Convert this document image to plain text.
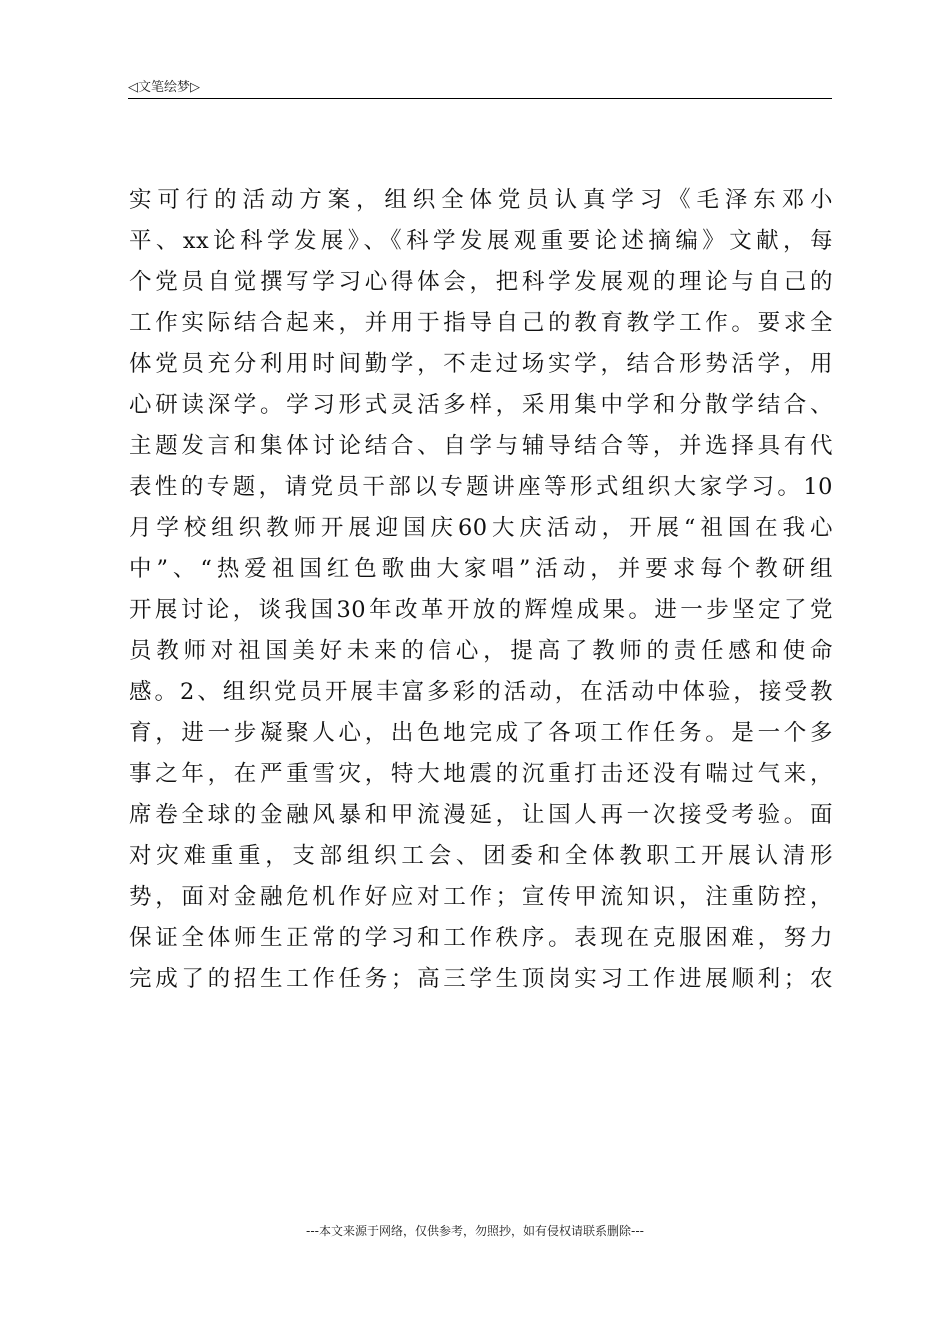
◁文笔绘梦▷
实可行的活动方案，组织全体党员认真学习《毛泽东邓小
平、xx论科学发展》、《科学发展观重要论述摘编》文献，每
个党员自觉撰写学习心得体会，把科学发展观的理论与自己的
工作实际结合起来，并用于指导自己的教育教学工作。要求全
体党员充分利用时间勤学，不走过场实学，结合形势活学，用
心研读深学。学习形式灵活多样，采用集中学和分散学结合、
主题发言和集体讨论结合、自学与辅导结合等，并选择具有代
表性的专题，请党员干部以专题讲座等形式组织大家学习。10
月学校组织教师开展迎国庆60大庆活动，开展“祖国在我心
中”、“热爱祖国红色歌曲大家唱”活动，并要求每个教研组
开展讨论，谈我国30年改革开放的辉煌成果。进一步坚定了党
员教师对祖国美好未来的信心，提高了教师的责任感和使命
感。2、组织党员开展丰富多彩的活动，在活动中体验，接受教
育，进一步凝聚人心，出色地完成了各项工作任务。是一个多
事之年，在严重雪灾，特大地震的沉重打击还没有喘过气来，
席卷全球的金融风暴和甲流漫延，让国人再一次接受考验。面
对灾难重重，支部组织工会、团委和全体教职工开展认清形
势，面对金融危机作好应对工作；宣传甲流知识，注重防控，
保证全体师生正常的学习和工作秩序。表现在克服困难，努力
完成了的招生工作任务；高三学生顶岗实习工作进展顺利；农
---本文来源于网络，仅供参考，勿照抄，如有侵权请联系删除---
